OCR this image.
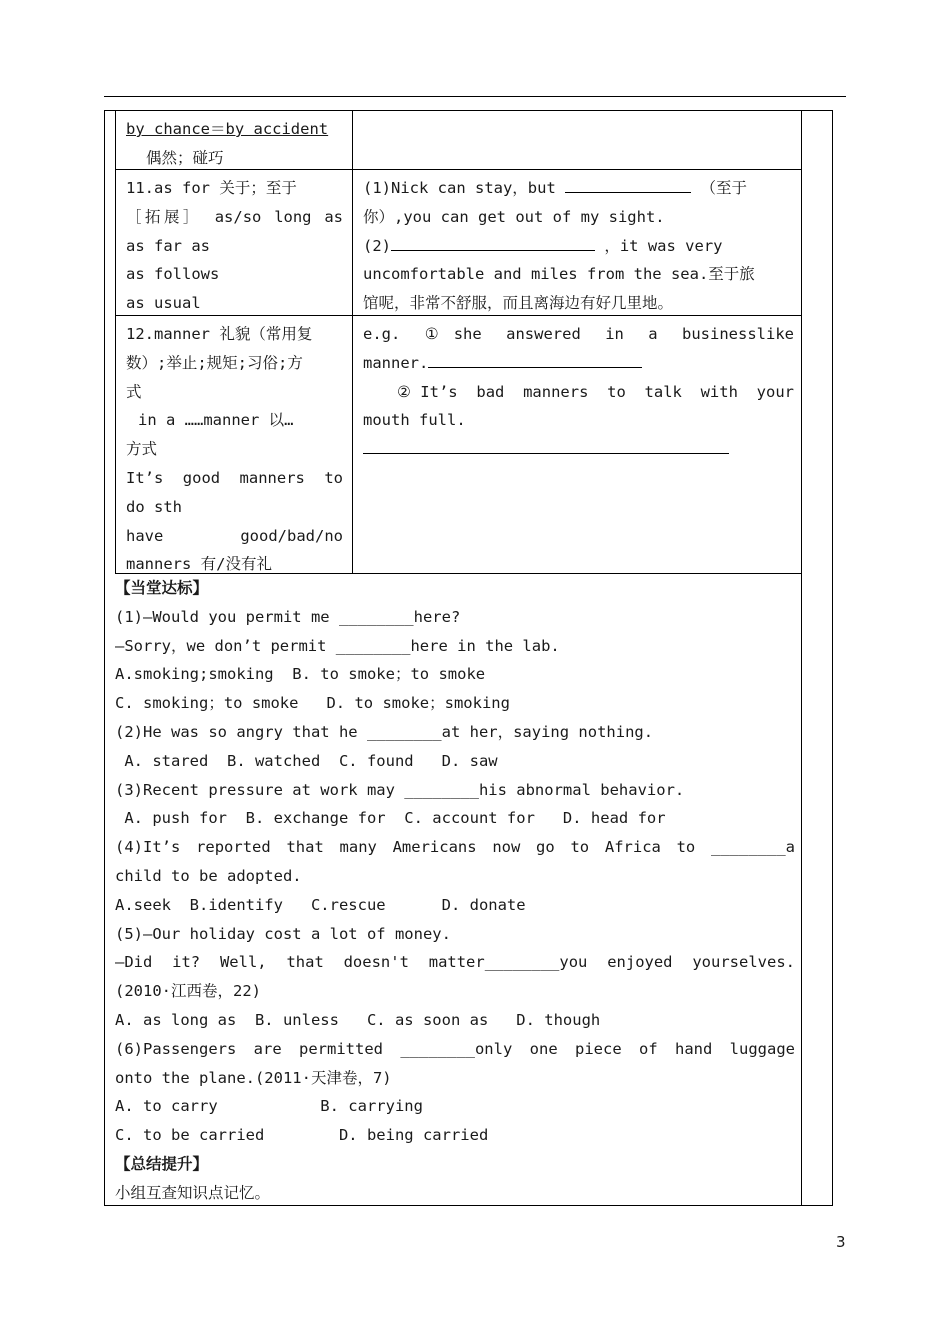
by chance＝by accident
偶然；碰巧
11.as for 关于；至于
［拓展］ as/so long as
as far as
as follows
as usual
(1)Nick can stay，but	（至于
你）,you can get out of my sight.
(2)	，it was very
uncomfortable and miles from the sea.至于旅
馆呢，非常不舒服，而且离海边有好几里地。
12.manner 礼貌（常用复
数）;举止;规矩;习俗;方
式
in a ……manner 以…
方式
It’s good manners to
do sth
have good/bad/no
manners 有/没有礼
e.g. ①she answered in a businesslike
manner.
②It’s bad manners to talk with your
mouth full.
【当堂达标】
(1)—Would you permit me ________here?
—Sorry，we don’t permit ________here in the lab.
A.smoking;smoking  B. to smoke；to smoke
C. smoking；to smoke   D. to smoke；smoking
(2)He was so angry that he ________at her，saying nothing.
A. stared  B. watched  C. found   D. saw
(3)Recent pressure at work may ________his abnormal behavior.
A. push for  B. exchange for  C. account for   D. head for
(4)It’s reported that many Americans now go to Africa to ________a
child to be adopted.
A.seek  B.identify   C.rescue      D. donate
(5)—Our holiday cost a lot of money.
—Did it? Well, that doesn't matter________you enjoyed yourselves.
(2010·江西卷，22)
A. as long as  B. unless   C. as soon as   D. though
(6)Passengers are permitted ________only one piece of hand luggage
onto the plane.(2011·天津卷，7)
A. to carry           B. carrying
C. to be carried        D. being carried
【总结提升】
小组互查知识点记忆。
3
